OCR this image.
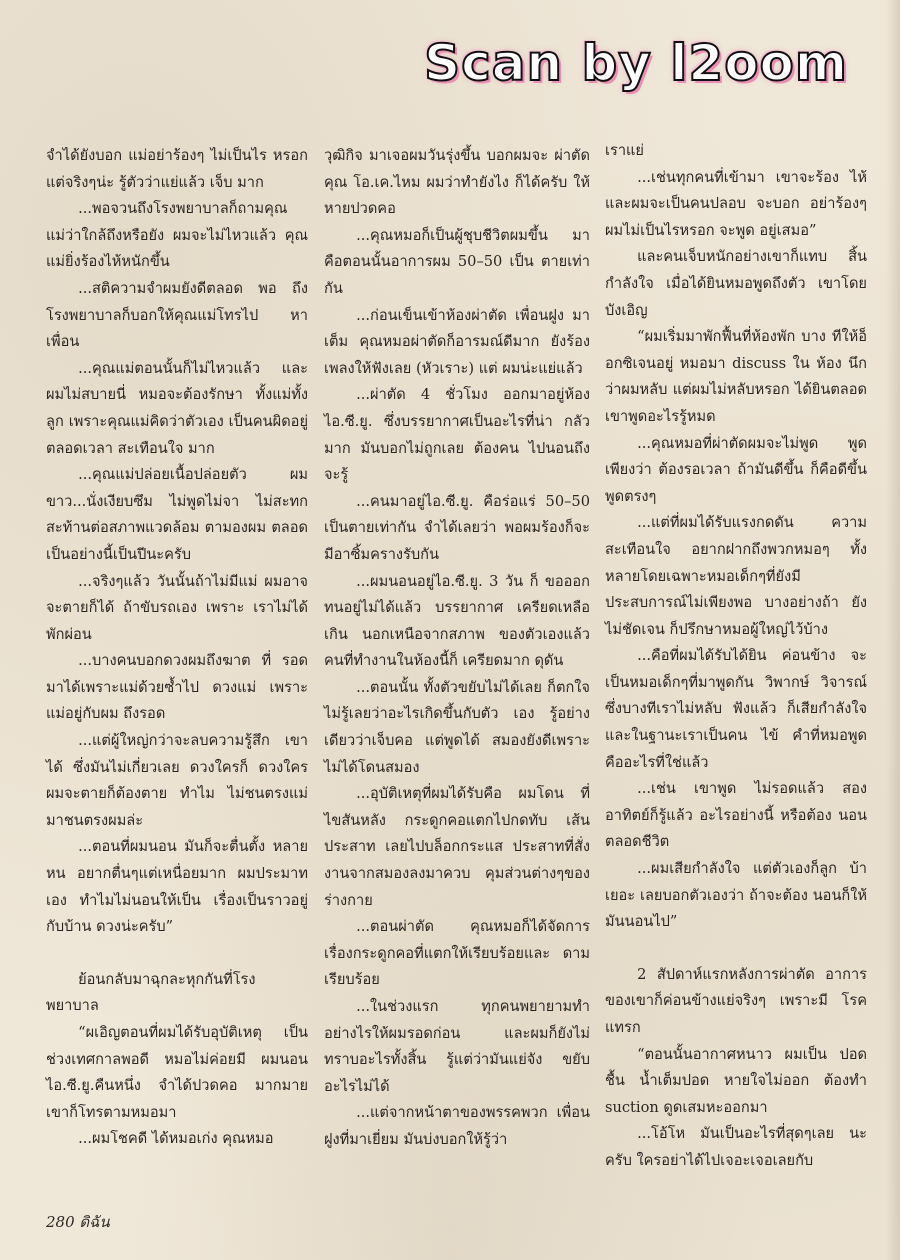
Scan by l2oom

จำได้ยังบอก แม่อย่าร้องๆ ไม่เป็นไร หรอก แต่จริงๆน่ะ รู้ตัวว่าแย่แล้ว เจ็บ มาก

...พอจวนถึงโรงพยาบาลก็ถามคุณ แม่ว่าใกล้ถึงหรือยัง ผมจะไม่ไหวแล้ว คุณแม่ยิ่งร้องไห้หนักขึ้น

...สติความจำผมยังดีตลอด พอ ถึงโรงพยาบาลก็บอกให้คุณแม่โทรไป หาเพื่อน

...คุณแม่ตอนนั้นก็ไม่ไหวแล้ว และผมไม่สบายนี่ หมอจะต้องรักษา ทั้งแม่ทั้งลูก เพราะคุณแม่คิดว่าตัวเอง เป็นคนผิดอยู่ตลอดเวลา สะเทือนใจ มาก

...คุณแม่ปล่อยเนื้อปล่อยตัว ผม ขาว...นั่งเงียบซึม ไม่พูดไม่จา ไม่สะทก สะท้านต่อสภาพแวดล้อม ตามองผม ตลอด เป็นอย่างนี้เป็นปีนะครับ

...จริงๆแล้ว วันนั้นถ้าไม่มีแม่ ผมอาจจะตายก็ได้ ถ้าขับรถเอง เพราะ เราไม่ได้พักผ่อน

...บางคนบอกดวงผมถึงฆาต ที่ รอดมาได้เพราะแม่ด้วยซ้ำไป ดวงแม่ เพราะแม่อยู่กับผม ถึงรอด

...แต่ผู้ใหญ่กว่าจะลบความรู้สึก เขาได้ ซึ่งมันไม่เกี่ยวเลย ดวงใครก็ ดวงใคร ผมจะตายก็ต้องตาย ทำไม ไม่ชนตรงแม่ มาชนตรงผมล่ะ

...ตอนที่ผมนอน มันก็จะตื่นตั้ง หลายหน อยากตื่นๆแต่เหนื่อยมาก ผมประมาทเอง ทำไมไม่นอนให้เป็น เรื่องเป็นราวอยู่กับบ้าน ดวงน่ะครับ”

ย้อนกลับมาฉุกละหุกกันที่โรง พยาบาล

“ผเอิญตอนที่ผมได้รับอุบัติเหตุ เป็นช่วงเทศกาลพอดี หมอไม่ค่อยมี ผมนอนไอ.ซี.ยู.คืนหนึ่ง จำได้ปวดคอ มากมาย เขาก็โทรตามหมอมา

...ผมโชคดี ได้หมอเก่ง คุณหมอ

วุฒิกิจ มาเจอผมวันรุ่งขึ้น บอกผมจะ ผ่าตัดคุณ โอ.เค.ไหม ผมว่าทำยังไง ก็ได้ครับ ให้หายปวดคอ

...คุณหมอก็เป็นผู้ชุบชีวิตผมขึ้น มา คือตอนนั้นอาการผม 50–50 เป็น ตายเท่ากัน

...ก่อนเข็นเข้าห้องผ่าตัด เพื่อนฝูง มาเต็ม คุณหมอผ่าตัดก็อารมณ์ดีมาก ยังร้องเพลงให้ฟังเลย (หัวเราะ) แต่ ผมน่ะแย่แล้ว

...ผ่าตัด 4 ชั่วโมง ออกมาอยู่ห้อง ไอ.ซี.ยู. ซึ่งบรรยากาศเป็นอะไรที่น่า กลัวมาก มันบอกไม่ถูกเลย ต้องคน ไปนอนถึงจะรู้

...คนมาอยู่ไอ.ซี.ยู. คือร่อแร่ 50–50 เป็นตายเท่ากัน จำได้เลยว่า พอผมร้องก็จะมีอาซิ้มครางรับกัน

...ผมนอนอยู่ไอ.ซี.ยู. 3 วัน ก็ ขอออก ทนอยู่ไม่ได้แล้ว บรรยากาศ เครียดเหลือเกิน นอกเหนือจากสภาพ ของตัวเองแล้ว คนที่ทำงานในห้องนี้ก็ เครียดมาก ดุดัน

...ตอนนั้น ทั้งตัวขยับไม่ได้เลย ก็ตกใจ ไม่รู้เลยว่าอะไรเกิดขึ้นกับตัว เอง รู้อย่างเดียวว่าเจ็บคอ แต่พูดได้ สมองยังดีเพราะไม่ได้โดนสมอง

...อุบัติเหตุที่ผมได้รับคือ ผมโดน ที่ไขสันหลัง กระดูกคอแตกไปกดทับ เส้นประสาท เลยไปบล็อกกระแส ประสาทที่สั่งงานจากสมองลงมาควบ คุมส่วนต่างๆของร่างกาย

...ตอนผ่าตัด คุณหมอก็ได้จัดการ เรื่องกระดูกคอที่แตกให้เรียบร้อยและ ดามเรียบร้อย

...ในช่วงแรก ทุกคนพยายามทำ อย่างไรให้ผมรอดก่อน และผมก็ยังไม่ ทราบอะไรทั้งสิ้น รู้แต่ว่ามันแย่จัง ขยับ อะไรไม่ได้

...แต่จากหน้าตาของพรรคพวก เพื่อนฝูงที่มาเยี่ยม มันบ่งบอกให้รู้ว่า

เราแย่

...เช่นทุกคนที่เข้ามา เขาจะร้อง ไห้ และผมจะเป็นคนปลอบ จะบอก อย่าร้องๆ ผมไม่เป็นไรหรอก จะพูด อยู่เสมอ”

และคนเจ็บหนักอย่างเขาก็แทบ สิ้นกำลังใจ เมื่อได้ยินหมอพูดถึงตัว เขาโดยบังเอิญ

“ผมเริ่มมาพักฟื้นที่ห้องพัก บาง ทีให้อ็อกซิเจนอยู่ หมอมา discuss ใน ห้อง นึกว่าผมหลับ แต่ผมไม่หลับหรอก ได้ยินตลอด เขาพูดอะไรรู้หมด

...คุณหมอที่ผ่าตัดผมจะไม่พูด พูดเพียงว่า ต้องรอเวลา ถ้ามันดีขึ้น ก็คือดีขึ้น พูดตรงๆ

...แต่ที่ผมได้รับแรงกดดัน ความ สะเทือนใจ อยากฝากถึงพวกหมอๆ ทั้งหลายโดยเฉพาะหมอเด็กๆที่ยังมี ประสบการณ์ไม่เพียงพอ บางอย่างถ้า ยังไม่ชัดเจน ก็ปรึกษาหมอผู้ใหญ่ไว้บ้าง

...คือที่ผมได้รับได้ยิน ค่อนข้าง จะเป็นหมอเด็กๆที่มาพูดกัน วิพากษ์ วิจารณ์ ซึ่งบางทีเราไม่หลับ ฟังแล้ว ก็เสียกำลังใจ และในฐานะเราเป็นคน ไข้ คำที่หมอพูดคืออะไรที่ใช่แล้ว

...เช่น เขาพูด ไม่รอดแล้ว สอง อาทิตย์ก็รู้แล้ว อะไรอย่างนี้ หรือต้อง นอนตลอดชีวิต

...ผมเสียกำลังใจ แต่ตัวเองก็ลูก บ้าเยอะ เลยบอกตัวเองว่า ถ้าจะต้อง นอนก็ให้มันนอนไป”

2 สัปดาห์แรกหลังการผ่าตัด อาการ ของเขาก็ค่อนข้างแย่จริงๆ เพราะมี โรคแทรก

“ตอนนั้นอากาศหนาว ผมเป็น ปอดชื้น น้ำเต็มปอด หายใจไม่ออก ต้องทำ suction ดูดเสมหะออกมา

...โอ้โห มันเป็นอะไรที่สุดๆเลย นะครับ ใครอย่าได้ไปเจอะเจอเลยกับ

280 ดิฉัน
